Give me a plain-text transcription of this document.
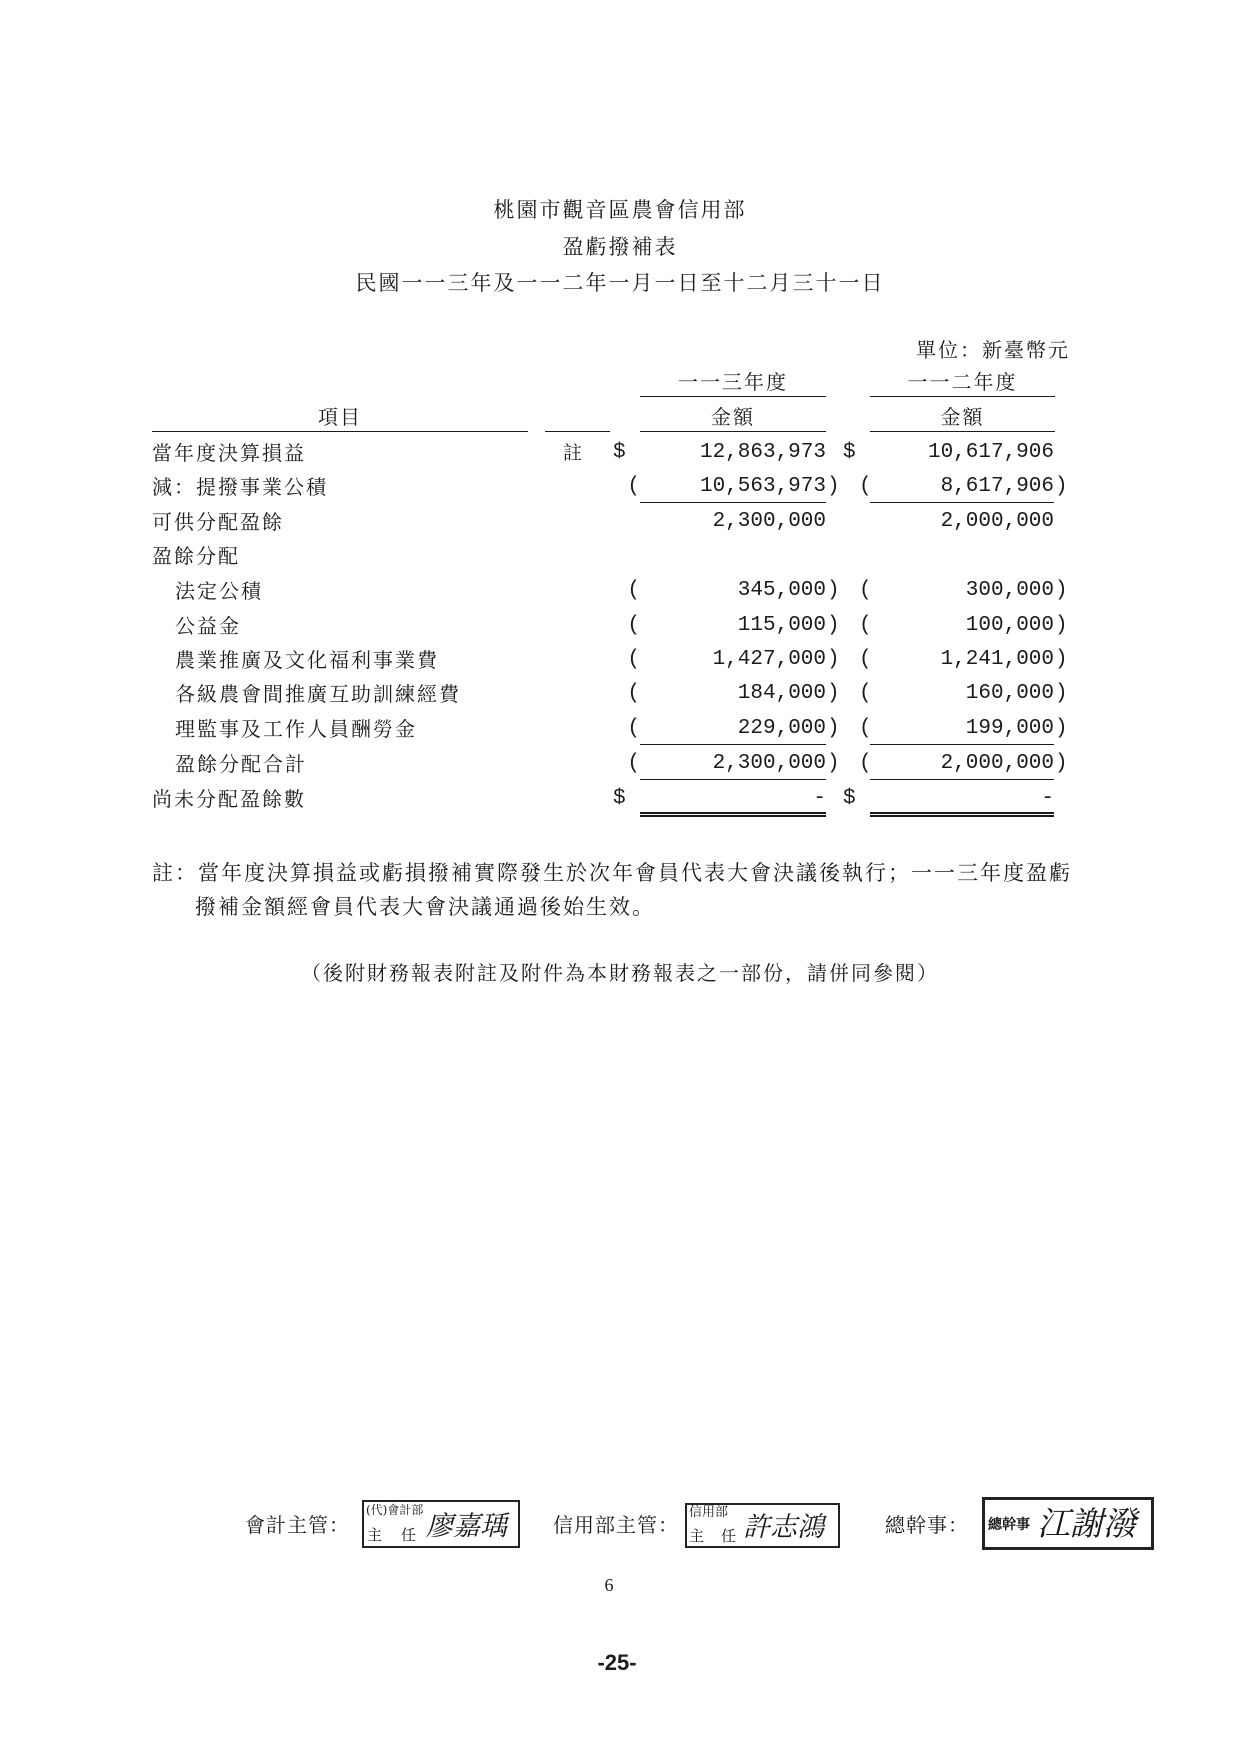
桃園市觀音區農會信用部
盈虧撥補表
民國一一三年及一一二年一月一日至十二月三十一日
單位：新臺幣元
一一三年度	一一二年度
項目	金額	金額
當年度決算損益	註 $	12,863,973 $	10,617,906
減：提撥事業公積	(	10,563,973 ) (	8,617,906 )
可供分配盈餘	2,300,000	2,000,000
盈餘分配
法定公積	(	345,000 ) (	300,000 )
公益金	(	115,000 ) (	100,000 )
農業推廣及文化福利事業費	(	1,427,000 ) (	1,241,000 )
各級農會間推廣互助訓練經費	(	184,000 ) (	160,000 )
理監事及工作人員酬勞金	(	229,000 ) (	199,000 )
盈餘分配合計	(	2,300,000 ) (	2,000,000 )
尚未分配盈餘數	$	- $	-
註：當年度決算損益或虧損撥補實際發生於次年會員代表大會決議後執行；一一三年度盈虧
撥補金額經會員代表大會決議通過後始生效。
（後附財務報表附註及附件為本財務報表之一部份，請併同參閱）
會計主管：
(代)會計部
主 任 廖嘉瑀 信用部主管：
信用部
主 任 許志鴻	總幹事： 總幹事 江謝潑
6
-25-
